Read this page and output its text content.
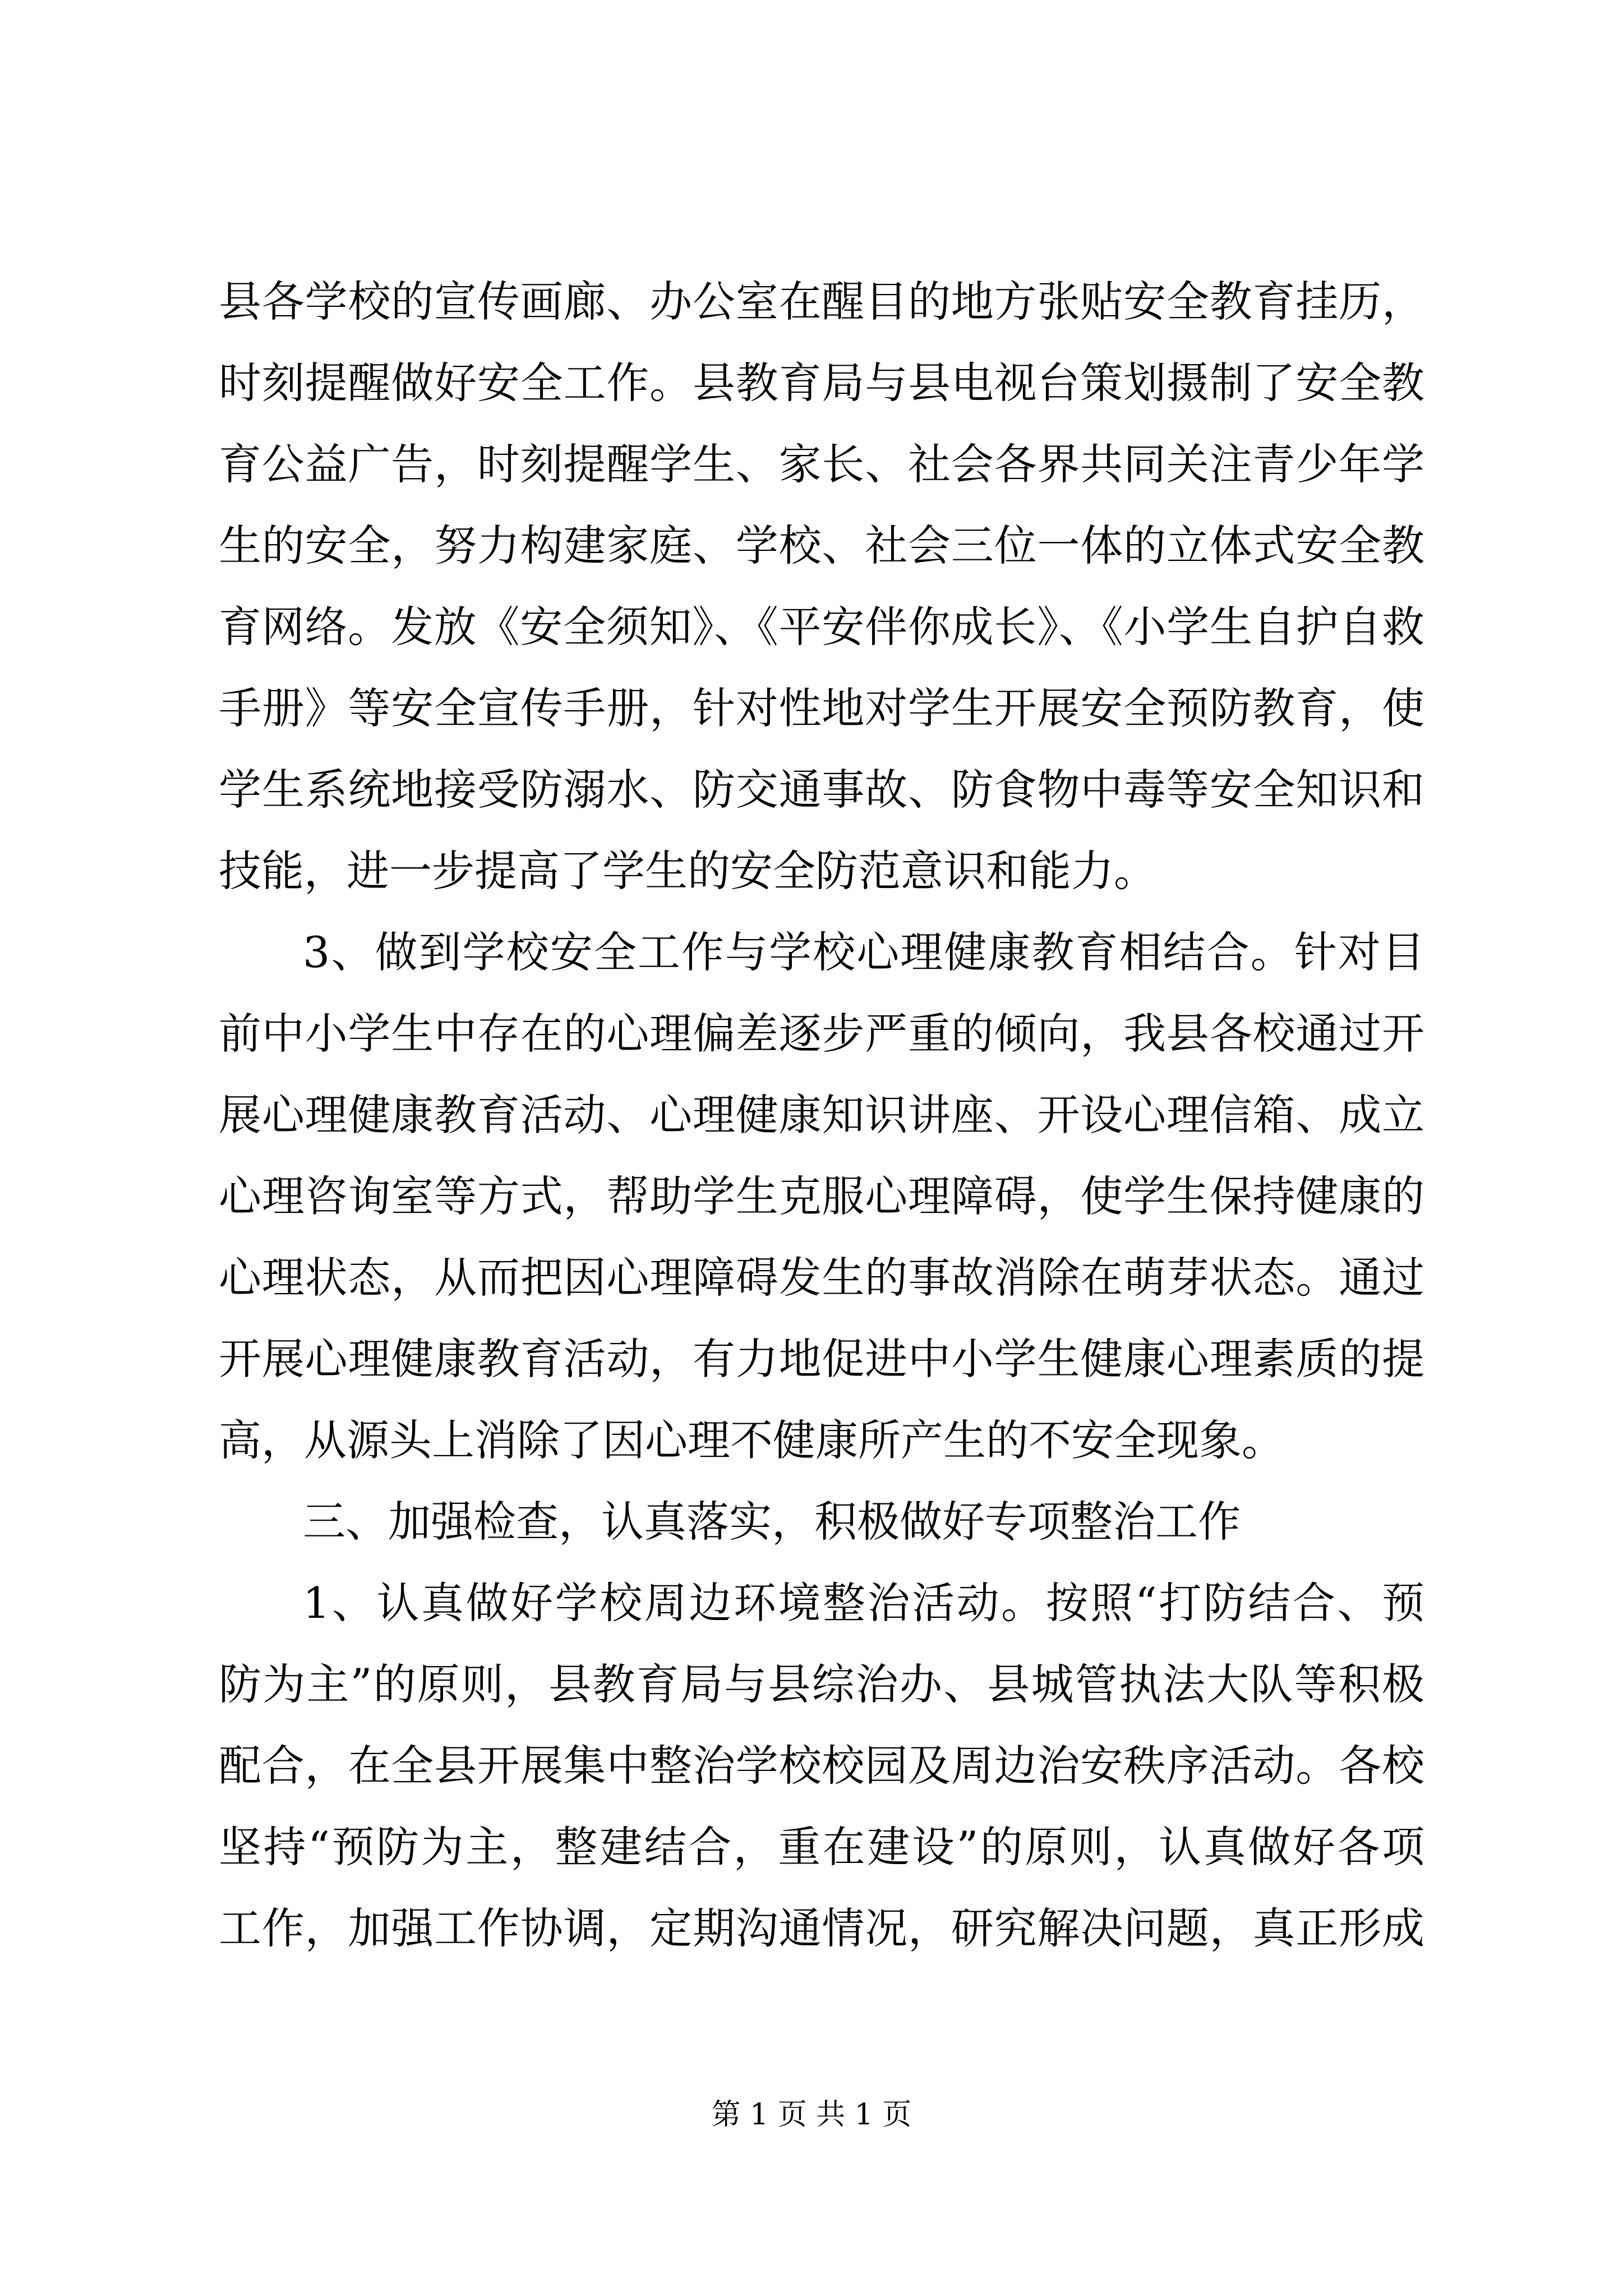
县各学校的宣传画廊、办公室在醒目的地方张贴安全教育挂历，
时刻提醒做好安全工作。县教育局与县电视台策划摄制了安全教
育公益广告，时刻提醒学生、家长、社会各界共同关注青少年学
生的安全，努力构建家庭、学校、社会三位一体的立体式安全教
育网络。发放《安全须知》、《平安伴你成长》、《小学生自护自救
手册》等安全宣传手册，针对性地对学生开展安全预防教育，使
学生系统地接受防溺水、防交通事故、防食物中毒等安全知识和
技能，进一步提高了学生的安全防范意识和能力。
3、做到学校安全工作与学校心理健康教育相结合。针对目
前中小学生中存在的心理偏差逐步严重的倾向，我县各校通过开
展心理健康教育活动、心理健康知识讲座、开设心理信箱、成立
心理咨询室等方式，帮助学生克服心理障碍，使学生保持健康的
心理状态，从而把因心理障碍发生的事故消除在萌芽状态。通过
开展心理健康教育活动，有力地促进中小学生健康心理素质的提
高，从源头上消除了因心理不健康所产生的不安全现象。
三、加强检查，认真落实，积极做好专项整治工作
1、认真做好学校周边环境整治活动。按照“打防结合、预
防为主”的原则，县教育局与县综治办、县城管执法大队等积极
配合，在全县开展集中整治学校校园及周边治安秩序活动。各校
坚持“预防为主，整建结合，重在建设”的原则，认真做好各项
工作，加强工作协调，定期沟通情况，研究解决问题，真正形成
第 1 页 共 1 页
